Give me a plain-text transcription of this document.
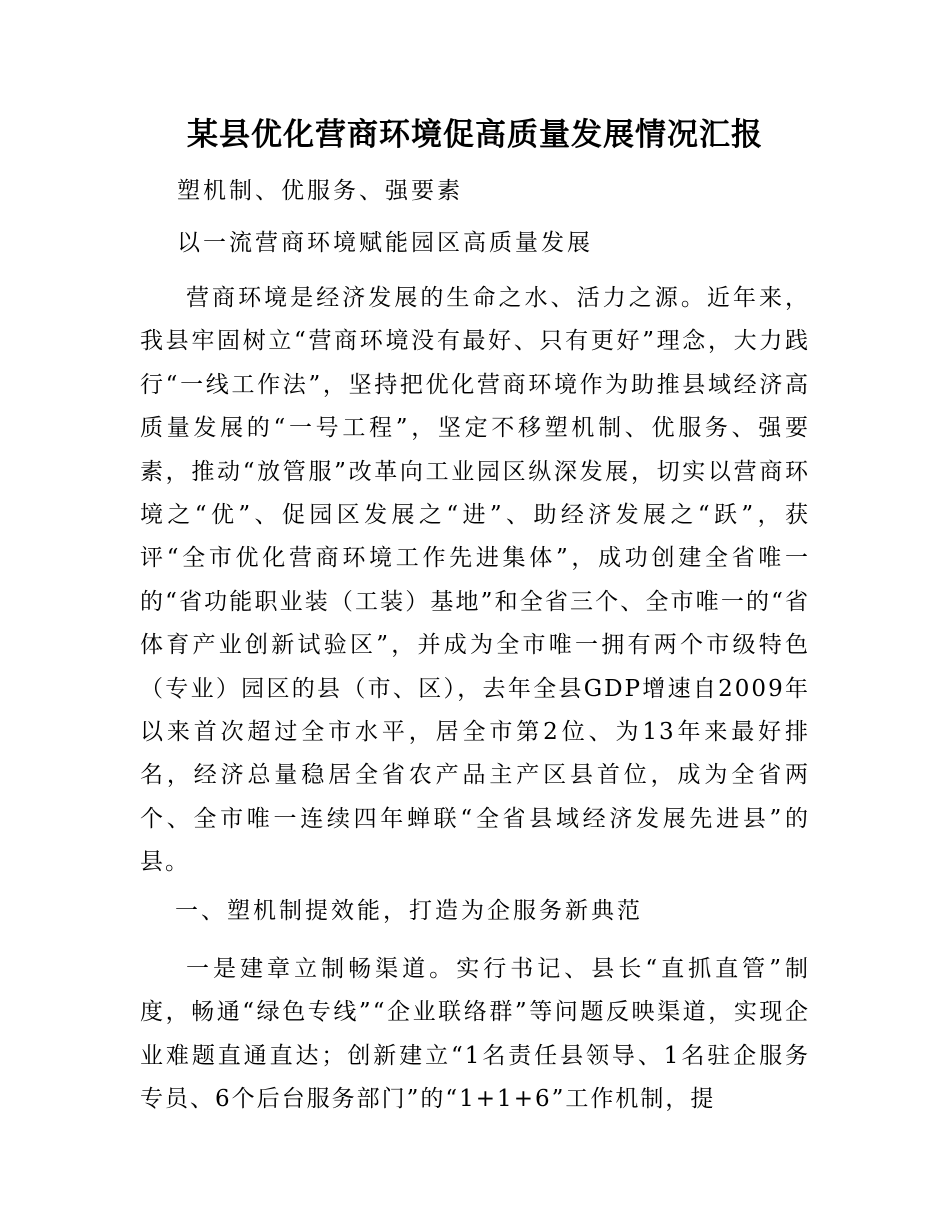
某县优化营商环境促高质量发展情况汇报

塑机制、优服务、强要素

以一流营商环境赋能园区高质量发展

营商环境是经济发展的生命之水、活力之源。近年来，我县牢固树立“营商环境没有最好、只有更好”理念，大力践行“一线工作法”，坚持把优化营商环境作为助推县域经济高质量发展的“一号工程”，坚定不移塑机制、优服务、强要素，推动“放管服”改革向工业园区纵深发展，切实以营商环境之“优”、促园区发展之“进”、助经济发展之“跃”，获评“全市优化营商环境工作先进集体”，成功创建全省唯一的“省功能职业装（工装）基地”和全省三个、全市唯一的“省体育产业创新试验区”，并成为全市唯一拥有两个市级特色（专业）园区的县（市、区），去年全县GDP增速自2009年以来首次超过全市水平，居全市第2位、为13年来最好排名，经济总量稳居全省农产品主产区县首位，成为全省两个、全市唯一连续四年蝉联“全省县域经济发展先进县”的县。

一、塑机制提效能，打造为企服务新典范

一是建章立制畅渠道。实行书记、县长“直抓直管”制度，畅通“绿色专线”“企业联络群”等问题反映渠道，实现企业难题直通直达；创新建立“1名责任县领导、1名驻企服务专员、6个后台服务部门”的“1+1+6”工作机制，提
